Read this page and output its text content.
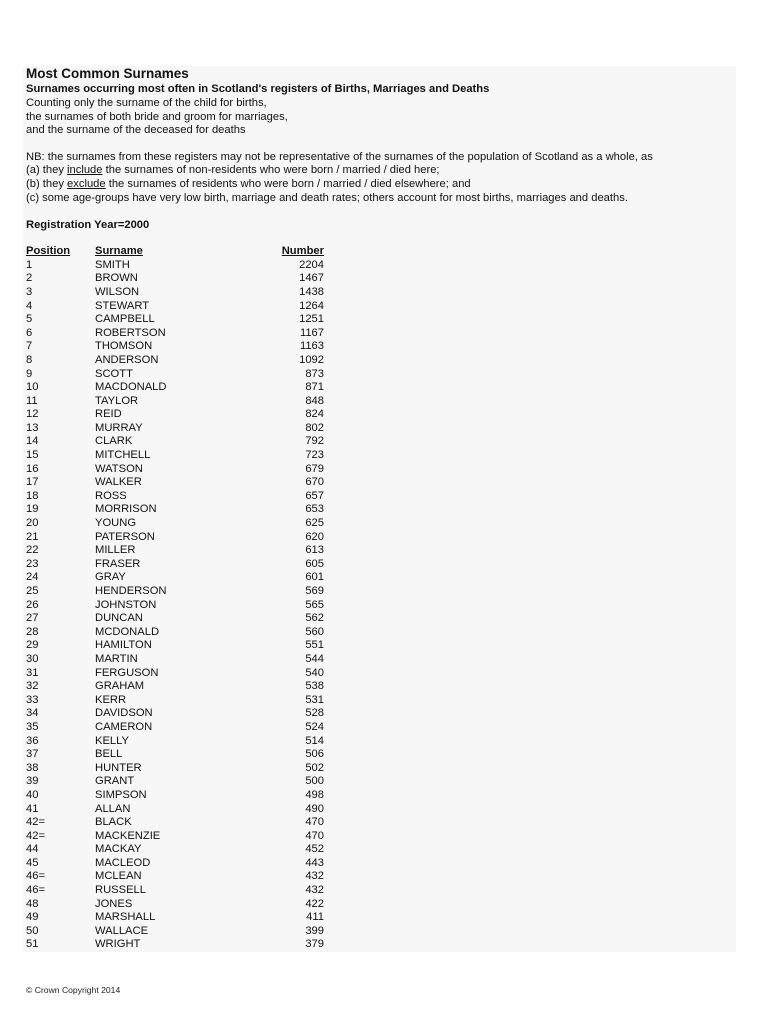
Most Common Surnames
Surnames occurring most often in Scotland's registers of Births, Marriages and Deaths
Counting only the surname of the child for births,
the surnames of both bride and groom for marriages,
and the surname of the deceased for deaths
NB: the surnames from these registers may not be representative of the surnames of the population of Scotland as a whole, as
(a) they include the surnames of non-residents who were born / married / died here;
(b) they exclude the surnames of residents who were born / married / died elsewhere; and
(c) some age-groups have very low birth, marriage and death rates; others account for most births, marriages and deaths.
Registration Year=2000
Position	Surname	Number
1	SMITH	2204
2	BROWN	1467
3	WILSON	1438
4	STEWART	1264
5	CAMPBELL	1251
6	ROBERTSON	1167
7	THOMSON	1163
8	ANDERSON	1092
9	SCOTT	873
10	MACDONALD	871
11	TAYLOR	848
12	REID	824
13	MURRAY	802
14	CLARK	792
15	MITCHELL	723
16	WATSON	679
17	WALKER	670
18	ROSS	657
19	MORRISON	653
20	YOUNG	625
21	PATERSON	620
22	MILLER	613
23	FRASER	605
24	GRAY	601
25	HENDERSON	569
26	JOHNSTON	565
27	DUNCAN	562
28	MCDONALD	560
29	HAMILTON	551
30	MARTIN	544
31	FERGUSON	540
32	GRAHAM	538
33	KERR	531
34	DAVIDSON	528
35	CAMERON	524
36	KELLY	514
37	BELL	506
38	HUNTER	502
39	GRANT	500
40	SIMPSON	498
41	ALLAN	490
42=	BLACK	470
42=	MACKENZIE	470
44	MACKAY	452
45	MACLEOD	443
46=	MCLEAN	432
46=	RUSSELL	432
48	JONES	422
49	MARSHALL	411
50	WALLACE	399
51	WRIGHT	379
© Crown Copyright 2014
